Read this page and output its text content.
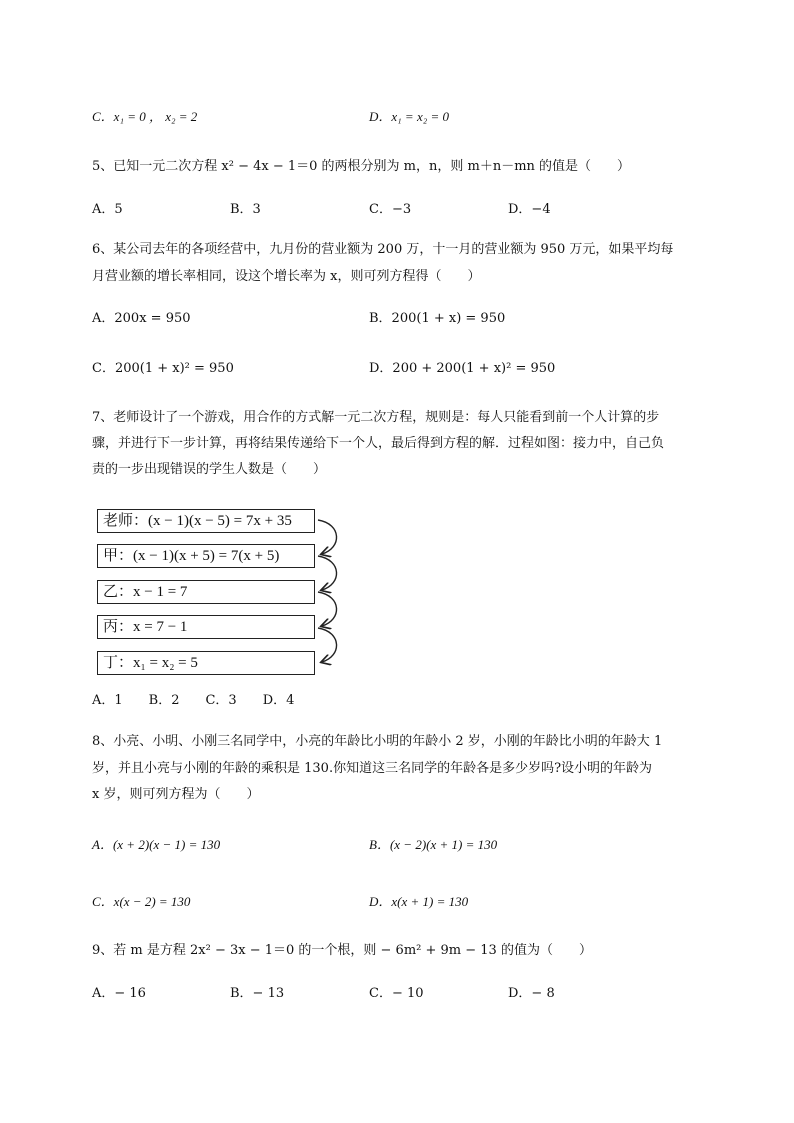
C．x₁ = 0 ， x₂ = 2	D．x₁ = x₂ = 0
5、已知一元二次方程 x² − 4x − 1＝0 的两根分别为 m，n，则 m＋n－mn 的值是（　　）
A．5	B．3	C．−3	D．−4
6、某公司去年的各项经营中，九月份的营业额为 200 万，十一月的营业额为 950 万元，如果平均每
月营业额的增长率相同，设这个增长率为 x，则可列方程得（　　）
A．200x = 950	B．200(1 + x) = 950
C．200(1 + x)² = 950	D．200 + 200(1 + x)² = 950
7、老师设计了一个游戏，用合作的方式解一元二次方程，规则是：每人只能看到前一个人计算的步
骤，并进行下一步计算，再将结果传递给下一个人，最后得到方程的解．过程如图：接力中，自己负
责的一步出现错误的学生人数是（　　）
老师：(x − 1)(x − 5) = 7x + 35
甲：(x − 1)(x + 5) = 7(x + 5)
乙：x − 1 = 7
丙：x = 7 − 1
丁：x₁ = x₂ = 5
A．1　　B．2　　C．3　　D．4
8、小亮、小明、小刚三名同学中，小亮的年龄比小明的年龄小 2 岁，小刚的年龄比小明的年龄大 1
岁，并且小亮与小刚的年龄的乘积是 130.你知道这三名同学的年龄各是多少岁吗?设小明的年龄为
x 岁，则可列方程为（　　）
A．(x + 2)(x − 1) = 130	B．(x − 2)(x + 1) = 130
C．x(x − 2) = 130	D．x(x + 1) = 130
9、若 m 是方程 2x² − 3x − 1＝0 的一个根，则 − 6m² + 9m − 13 的值为（　　）
A．− 16	B．− 13	C．− 10	D．− 8
